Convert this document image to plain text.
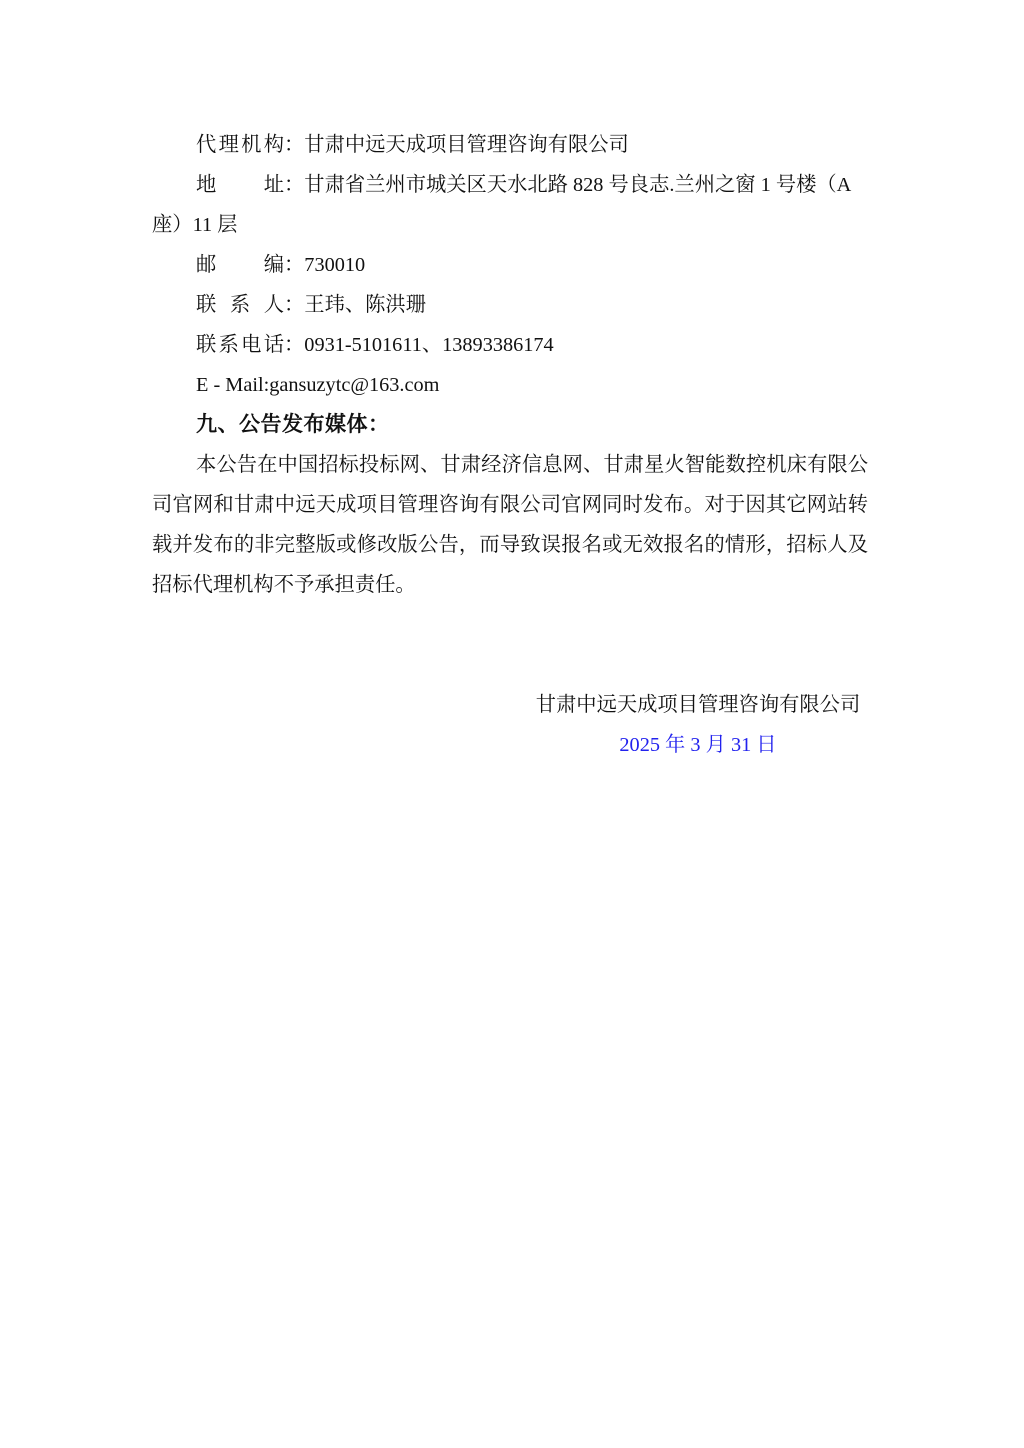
代理机构：甘肃中远天成项目管理咨询有限公司
地址：甘肃省兰州市城关区天水北路 828 号良志.兰州之窗 1 号楼（A
座）11 层
邮编：730010
联系人：王玮、陈洪珊
联系电话：0931-5101611、13893386174
E - Mail:gansuzytc@163.com
九、公告发布媒体：
本公告在中国招标投标网、甘肃经济信息网、甘肃星火智能数控机床有限公
司官网和甘肃中远天成项目管理咨询有限公司官网同时发布。对于因其它网站转
载并发布的非完整版或修改版公告，而导致误报名或无效报名的情形，招标人及
招标代理机构不予承担责任。
甘肃中远天成项目管理咨询有限公司
2025 年 3 月 31 日
